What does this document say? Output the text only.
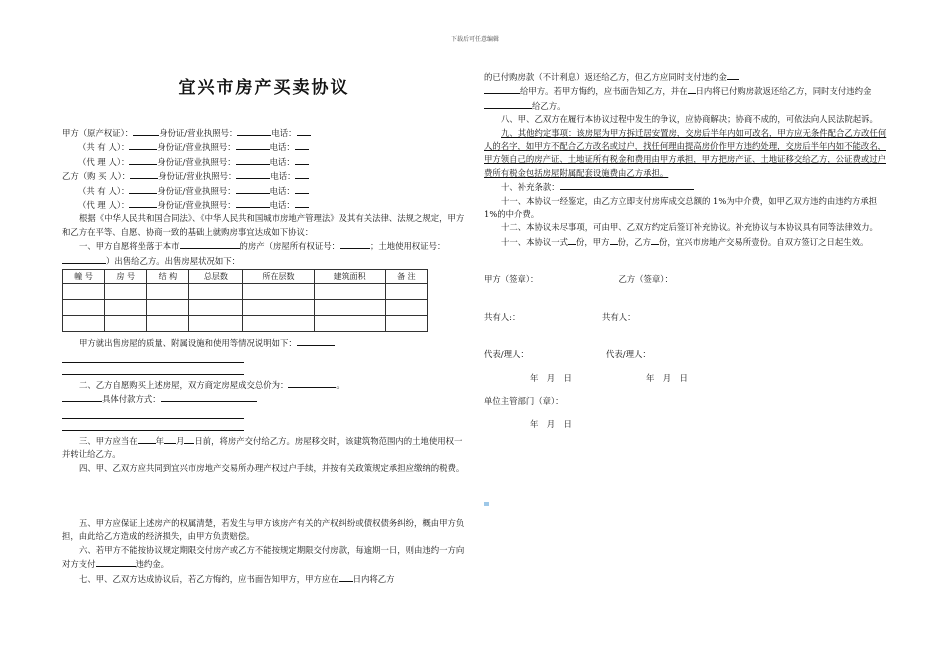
下载后可任意编辑
宜兴市房产买卖协议
甲方（原产权证）：	身份证/营业执照号：	电话：
（共 有 人）：	身份证/营业执照号：	电话：
（代 理 人）：	身份证/营业执照号：	电话：
乙方（购 买 人）：	身份证/营业执照号：	电话：
（共 有 人）：	身份证/营业执照号：	电话：
（代 理 人）：	身份证/营业执照号：	电话：
根据《中华人民共和国合同法》、《中华人民共和国城市房地产管理法》及其有关法律、法规之规定，甲方和乙方在平等、自愿、协商一致的基础上就购房事宜达成如下协议：
一、甲方自愿将坐落于本市	的房产（房屋所有权证号：	；土地使用权证号：）出售给乙方。出售房屋状况如下：
幢 号	房 号	结 构	总层数	所在层数	建筑面积	备 注

甲方就出售房屋的质量、附属设施和使用等情况说明如下：
二、乙方自愿购买上述房屋，双方商定房屋成交总价为：	。
具体付款方式：
三、甲方应当在 年 月 日前，将房产交付给乙方。房屋移交时，该建筑物范围内的土地使用权一并转让给乙方。
四、甲、乙双方应共同到宜兴市房地产交易所办理产权过户手续，并按有关政策规定承担应缴纳的税费。
五、甲方应保证上述房产的权属清楚，若发生与甲方该房产有关的产权纠纷或债权债务纠纷，概由甲方负担，由此给乙方造成的经济损失，由甲方负责赔偿。
六、若甲方不能按协议规定期限交付房产或乙方不能按规定期限交付房款，每逾期一日，则由违约一方向对方支付	违约金。
七、甲、乙双方达成协议后，若乙方悔约，应书面告知甲方，甲方应在 日内将乙方
的已付购房款（不计利息）返还给乙方，但乙方应同时支付违约金
给甲方。若甲方悔约，应书面告知乙方，并在 日内将已付购房款返还给乙方，同时支付违约金给乙方。
八、甲、乙双方在履行本协议过程中发生的争议，应协商解决；协商不成的，可依法向人民法院起诉。
九、其他约定事项：该房屋为甲方拆迁居安置房，交房后半年内如可改名，甲方应无条件配合乙方改任何人的名字，如甲方不配合乙方改名或过户，找任何理由提高房价作甲方违约处理，交房后半年内如不能改名，甲方领自己的房产证、土地证所有税金和费用由甲方承担，甲方把房产证、土地证移交给乙方，公证费或过户费所有税金包括房屋附属配套设施费由乙方承担。
十、补充条款：
十一、本协议一经鉴定，由乙方立即支付房库成交总额的 1%为中介费，如甲乙双方违约由违约方承担 1%的中介费。
十二、本协议未尽事项，可由甲、乙双方约定后签订补充协议。补充协议与本协议具有同等法律效力。
十一、本协议一式 份，甲方 份，乙方 份，宜兴市房地产交易所壹份。自双方签订之日起生效。
甲方（签章）：	乙方（签章）：
共有人:：	共有人：
代表/理人：	代表/理人：
年　月　日	年　月　日
单位主管部门（章）：
年　月　日
